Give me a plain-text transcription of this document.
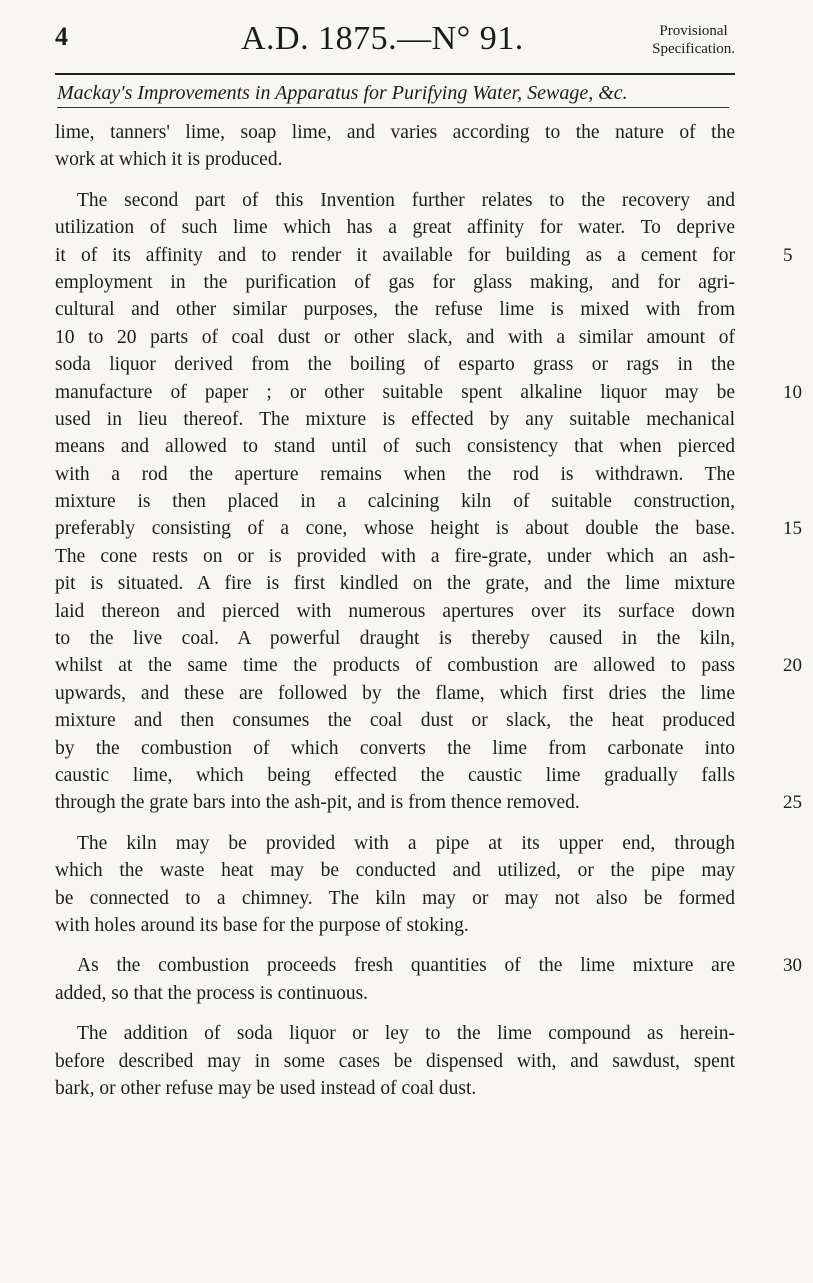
4	A.D. 1875.—N° 91.	Provisional
Specification.
Mackay's Improvements in Apparatus for Purifying Water, Sewage, &c.
lime, tanners' lime, soap lime, and varies according to the nature of the
work at which it is produced.
The second part of this Invention further relates to the recovery and
utilization of such lime which has a great affinity for water. To deprive
it of its affinity and to render it available for building as a cement for	5
employment in the purification of gas for glass making, and for agri-
cultural and other similar purposes, the refuse lime is mixed with from
10 to 20 parts of coal dust or other slack, and with a similar amount of
soda liquor derived from the boiling of esparto grass or rags in the
manufacture of paper ; or other suitable spent alkaline liquor may be	10
used in lieu thereof. The mixture is effected by any suitable mechanical
means and allowed to stand until of such consistency that when pierced
with a rod the aperture remains when the rod is withdrawn. The
mixture is then placed in a calcining kiln of suitable construction,
preferably consisting of a cone, whose height is about double the base.	15
The cone rests on or is provided with a fire-grate, under which an ash-
pit is situated. A fire is first kindled on the grate, and the lime mixture
laid thereon and pierced with numerous apertures over its surface down
to the live coal. A powerful draught is thereby caused in the kiln,
whilst at the same time the products of combustion are allowed to pass	20
upwards, and these are followed by the flame, which first dries the lime
mixture and then consumes the coal dust or slack, the heat produced
by the combustion of which converts the lime from carbonate into
caustic lime, which being effected the caustic lime gradually falls
through the grate bars into the ash-pit, and is from thence removed.	25
The kiln may be provided with a pipe at its upper end, through
which the waste heat may be conducted and utilized, or the pipe may
be connected to a chimney. The kiln may or may not also be formed
with holes around its base for the purpose of stoking.
As the combustion proceeds fresh quantities of the lime mixture are	30
added, so that the process is continuous.
The addition of soda liquor or ley to the lime compound as herein-
before described may in some cases be dispensed with, and sawdust, spent
bark, or other refuse may be used instead of coal dust.
